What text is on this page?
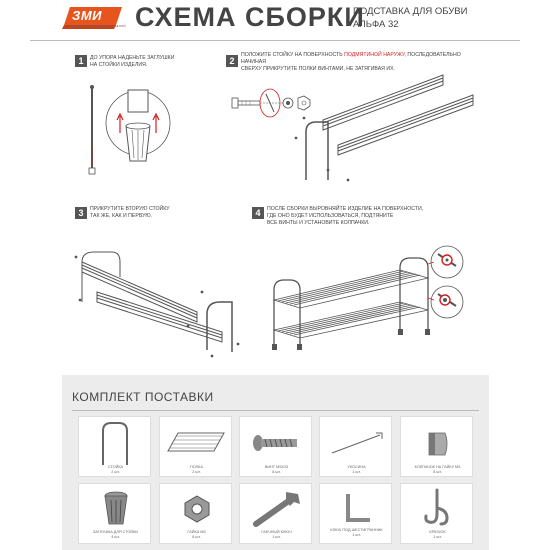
ЗМИ
ЗАВОД МЕТАЛЛИЧЕСКИХ ИЗДЕЛИЙ СХЕМА СБОРКИ
ПОДСТАВКА ДЛЯ ОБУВИ
АЛЬФА 32
1	ДО УПОРА НАДЕНЬТЕ ЗАГЛУШКИ
НА СТОЙКИ ИЗДЕЛИЯ.	2
ПОЛОЖИТЕ СТОЙКУ НА ПОВЕРХНОСТЬ ПОДМЯТИНОЙ НАРУЖУ, ПОСЛЕДОВАТЕЛЬНО НАЧИНАЯ
СВЕРХУ ПРИКРУТИТЕ ПОЛКИ ВИНТАМИ, НЕ ЗАТЯГИВАЯ ИХ.
3	ПРИКРУТИТЕ ВТОРУЮ СТОЙКУ
ТАК ЖЕ, КАК И ПЕРВУЮ.	4	ПОСЛЕ СБОРКИ ВЫРОВНЯЙТЕ ИЗДЕЛИЕ НА ПОВЕРХНОСТИ,
ГДЕ ОНО БУДЕТ ИСПОЛЬЗОВАТЬСЯ, ПОДТЯНИТЕ
ВСЕ ВИНТЫ И УСТАНОВИТЕ КОЛПАЧКИ.
КОМПЛЕКТ ПОСТАВКИ
СТОЙКА
2 шт.
ПОЛКА
2 шт.
ВИНТ М5Х25
8 шт.
УКОСИНА
1 шт.
КОЛПАЧОК НА ГАЙКУ М5
8 шт.
ЗАГЛУШКА ДЛЯ СТОЙКИ
4 шт.
ГАЙКА М5
8 шт.
ГАЕЧНЫЙ КЛЮЧ
1 шт.
КЛЮЧ ПОД ШЕСТИГРАННИК
1 шт.
КРЮЧОК
1 шт.
